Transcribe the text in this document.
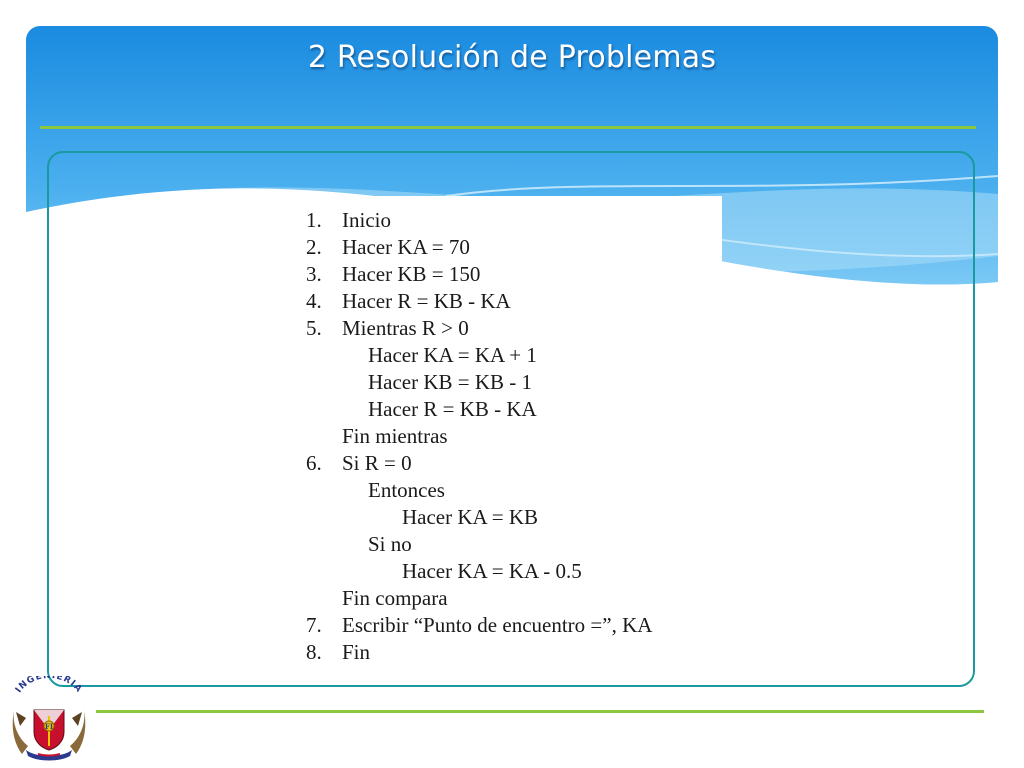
2 Resolución de Problemas
1. Inicio
2. Hacer KA = 70
3. Hacer KB = 150
4. Hacer R = KB - KA
5. Mientras R > 0
Hacer KA = KA + 1
Hacer KB = KB - 1
Hacer R = KB - KA
Fin mientras
6. Si R = 0
Entonces
Hacer KA = KB
Si no
Hacer KA = KA - 0.5
Fin compara
7. Escribir “Punto de encuentro =”, KA
8. Fin
INGENIERIA
FI
